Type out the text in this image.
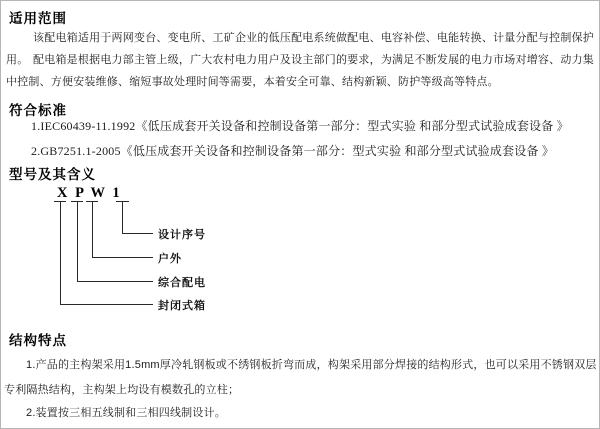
适用范围
该配电箱适用于两网变台、变电所、工矿企业的低压配电系统做配电、电容补偿、电能转换、计量分配与控制保护用。 配电箱是根据电力部主管上级，广大农村电力用户及设主部门的要求，为满足不断发展的电力市场对增容、动力集中控制、方便安装维修、缩短事故处理时间等需要，本着安全可靠、结构新颖、防护等级高等特点。
符合标准
1.IEC60439-11.1992《低压成套开关设备和控制设备第一部分：型式实验 和部分型式试验成套设备 》
2.GB7251.1-2005《低压成套开关设备和控制设备第一部分：型式实验 和部分型式试验成套设备 》
型号及其含义
X P W 1
设计序号
户外
综合配电
封闭式箱
结构特点
1.产品的主构架采用1.5mm厚冷轧钢板或不绣钢板折弯而成，构架采用部分焊接的结构形式，也可以采用不锈钢双层专利隔热结构，主构架上均设有模数孔的立柱；
2.装置按三相五线制和三相四线制设计。
